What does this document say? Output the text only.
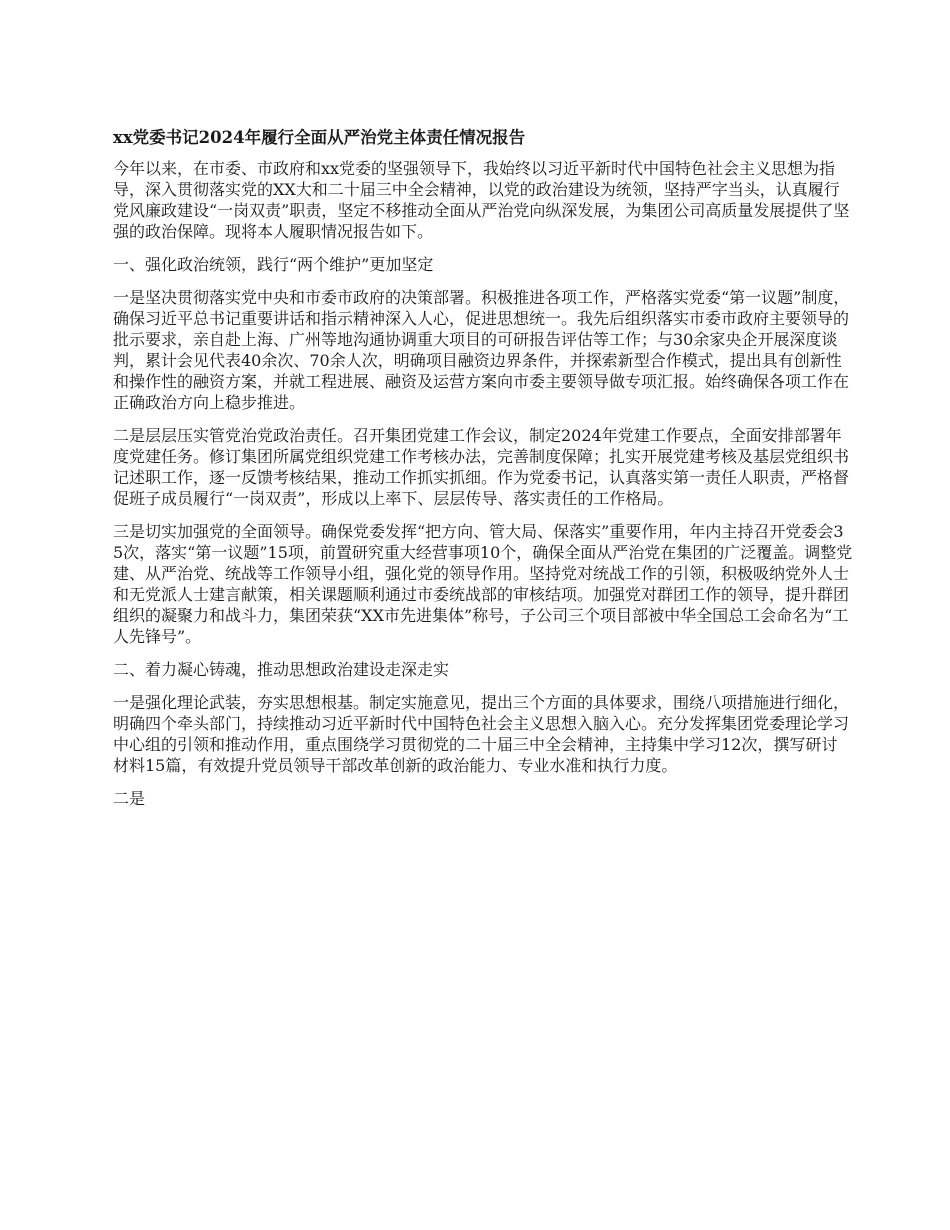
xx党委书记2024年履行全面从严治党主体责任情况报告

今年以来，在市委、市政府和xx党委的坚强领导下，我始终以习近平新时代中国特色社会主义思想为指导，深入贯彻落实党的XX大和二十届三中全会精神，以党的政治建设为统领，坚持严字当头，认真履行党风廉政建设“一岗双责”职责，坚定不移推动全面从严治党向纵深发展，为集团公司高质量发展提供了坚强的政治保障。现将本人履职情况报告如下。

一、强化政治统领，践行“两个维护”更加坚定

一是坚决贯彻落实党中央和市委市政府的决策部署。积极推进各项工作，严格落实党委“第一议题”制度，确保习近平总书记重要讲话和指示精神深入人心，促进思想统一。我先后组织落实市委市政府主要领导的批示要求，亲自赴上海、广州等地沟通协调重大项目的可研报告评估等工作；与30余家央企开展深度谈判，累计会见代表40余次、70余人次，明确项目融资边界条件，并探索新型合作模式，提出具有创新性和操作性的融资方案，并就工程进展、融资及运营方案向市委主要领导做专项汇报。始终确保各项工作在正确政治方向上稳步推进。

二是层层压实管党治党政治责任。召开集团党建工作会议，制定2024年党建工作要点，全面安排部署年度党建任务。修订集团所属党组织党建工作考核办法，完善制度保障；扎实开展党建考核及基层党组织书记述职工作，逐一反馈考核结果，推动工作抓实抓细。作为党委书记，认真落实第一责任人职责，严格督促班子成员履行“一岗双责”，形成以上率下、层层传导、落实责任的工作格局。

三是切实加强党的全面领导。确保党委发挥“把方向、管大局、保落实”重要作用，年内主持召开党委会35次，落实“第一议题”15项，前置研究重大经营事项10个，确保全面从严治党在集团的广泛覆盖。调整党建、从严治党、统战等工作领导小组，强化党的领导作用。坚持党对统战工作的引领，积极吸纳党外人士和无党派人士建言献策，相关课题顺利通过市委统战部的审核结项。加强党对群团工作的领导，提升群团组织的凝聚力和战斗力，集团荣获“XX市先进集体”称号，子公司三个项目部被中华全国总工会命名为“工人先锋号”。

二、着力凝心铸魂，推动思想政治建设走深走实

一是强化理论武装，夯实思想根基。制定实施意见，提出三个方面的具体要求，围绕八项措施进行细化，明确四个牵头部门，持续推动习近平新时代中国特色社会主义思想入脑入心。充分发挥集团党委理论学习中心组的引领和推动作用，重点围绕学习贯彻党的二十届三中全会精神，主持集中学习12次，撰写研讨材料15篇，有效提升党员领导干部改革创新的政治能力、专业水准和执行力度。

二是
